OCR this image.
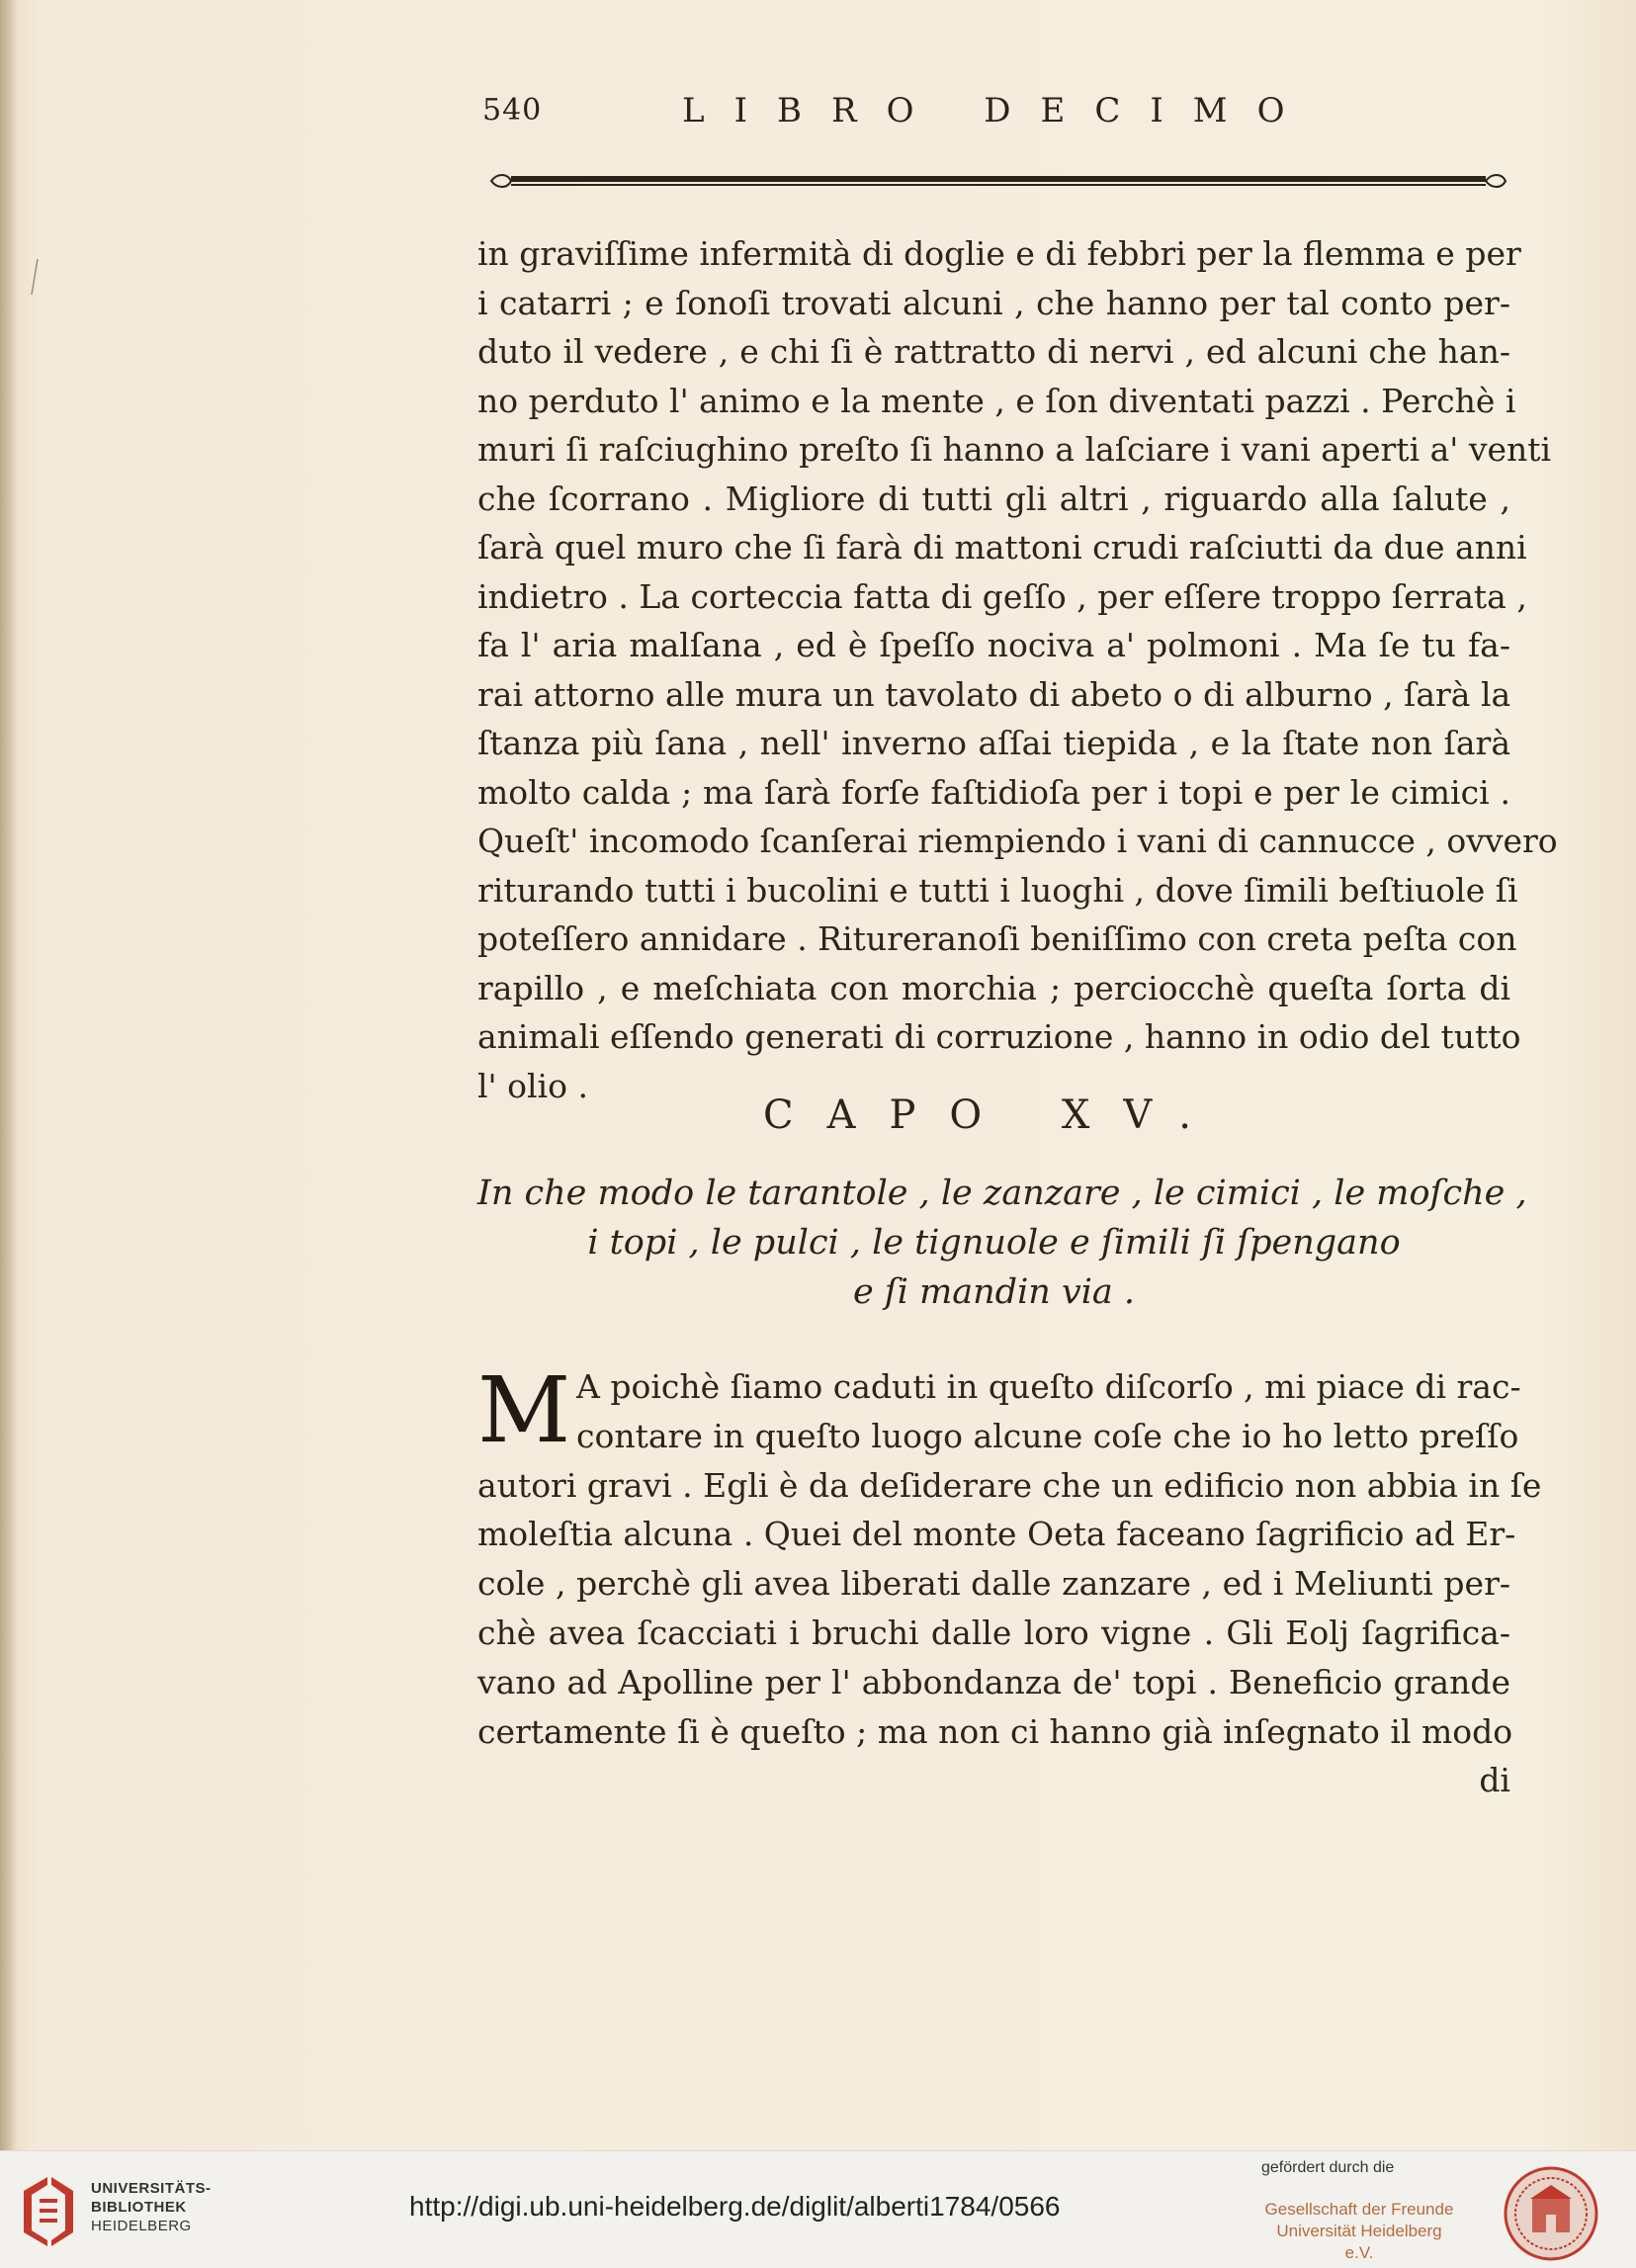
540	LIBRO DECIMO
in graviſſime infermità di doglie e di febbri per la flemma e per
i catarri ; e ſonoſi trovati alcuni , che hanno per tal conto per-
duto il vedere , e chi ſi è rattratto di nervi , ed alcuni che han-
no perduto l' animo e la mente , e ſon diventati pazzi . Perchè i
muri ſi raſciughino preſto ſi hanno a laſciare i vani aperti a' venti
che ſcorrano . Migliore di tutti gli altri , riguardo alla ſalute ,
ſarà quel muro che ſi farà di mattoni crudi raſciutti da due anni
indietro . La corteccia fatta di geſſo , per eſſere troppo ſerrata ,
fa l' aria malſana , ed è ſpeſſo nociva a' polmoni . Ma ſe tu fa-
rai attorno alle mura un tavolato di abeto o di alburno , ſarà la
ſtanza più ſana , nell' inverno aſſai tiepida , e la ſtate non ſarà
molto calda ; ma ſarà forſe faſtidioſa per i topi e per le cimici .
Queſt' incomodo ſcanſerai riempiendo i vani di cannucce , ovvero
riturando tutti i bucolini e tutti i luoghi , dove ſimili beſtiuole ſi
poteſſero annidare . Ritureranoſi beniſſimo con creta peſta con
rapillo , e meſchiata con morchia ; perciocchè queſta ſorta di
animali eſſendo generati di corruzione , hanno in odio del tutto
l' olio .
CAPO XV.
In che modo le tarantole , le zanzare , le cimici , le moſche ,
i topi , le pulci , le tignuole e ſimili ſi ſpengano
e ſi mandin via .
M A poichè ſiamo caduti in queſto diſcorſo , mi piace di rac-
contare in queſto luogo alcune coſe che io ho letto preſſo
autori gravi . Egli è da deſiderare che un edificio non abbia in ſe
moleſtia alcuna . Quei del monte Oeta faceano ſagrificio ad Er-
cole , perchè gli avea liberati dalle zanzare , ed i Meliunti per-
chè avea ſcacciati i bruchi dalle loro vigne . Gli Eolj ſagrifica-
vano ad Apolline per l' abbondanza de' topi . Beneficio grande
certamente ſi è queſto ; ma non ci hanno già inſegnato il modo
di
UNIVERSITÄTS-
BIBLIOTHEK
HEIDELBERG
http://digi.ub.uni-heidelberg.de/diglit/alberti1784/0566
gefördert durch die
Gesellschaft der Freunde
Universität Heidelberg e.V.
